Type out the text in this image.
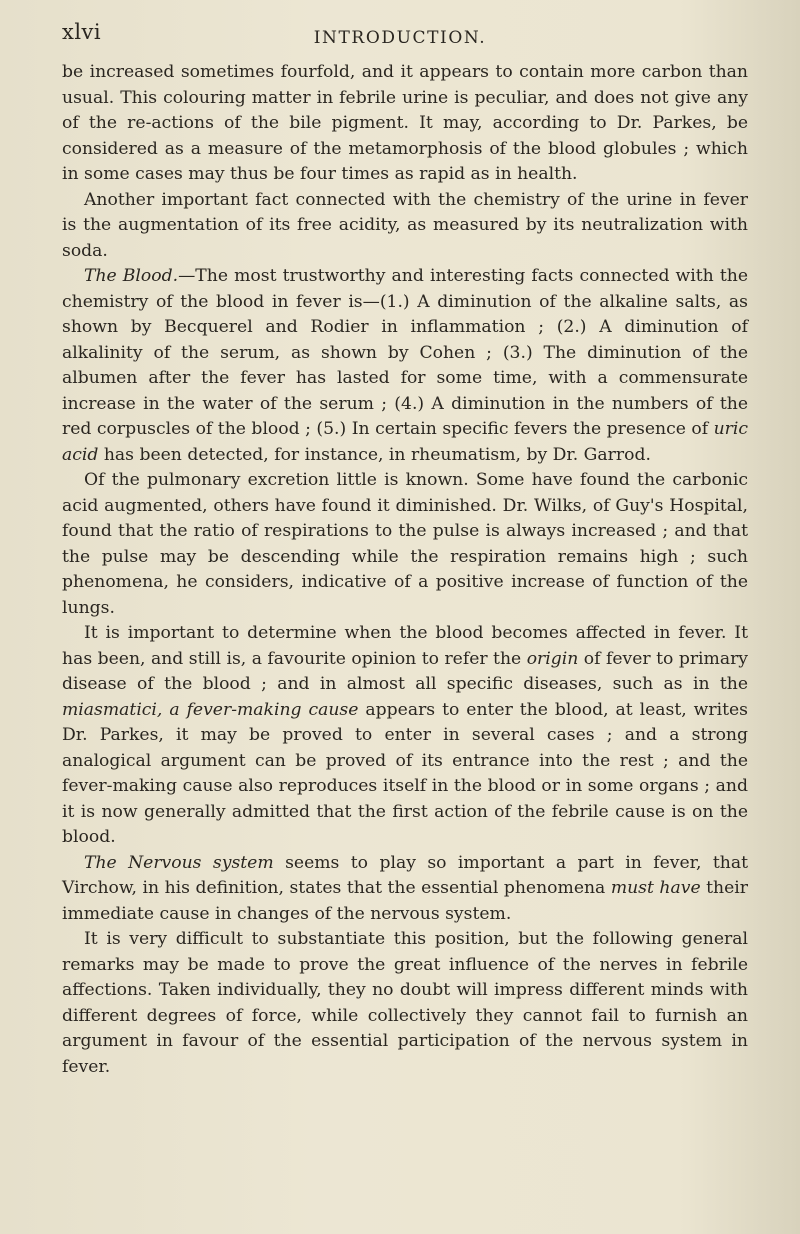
xlvi	INTRODUCTION.

be increased sometimes fourfold, and it appears to contain more carbon than usual. This colouring matter in febrile urine is peculiar, and does not give any of the re-actions of the bile pigment. It may, according to Dr. Parkes, be considered as a measure of the metamorphosis of the blood globules ; which in some cases may thus be four times as rapid as in health.

Another important fact connected with the chemistry of the urine in fever is the augmentation of its free acidity, as measured by its neutralization with soda.

The Blood.—The most trustworthy and interesting facts connected with the chemistry of the blood in fever is—(1.) A diminution of the alkaline salts, as shown by Becquerel and Rodier in inflammation ; (2.) A diminution of alkalinity of the serum, as shown by Cohen ; (3.) The diminution of the albumen after the fever has lasted for some time, with a commensurate increase in the water of the serum ; (4.) A diminution in the numbers of the red corpuscles of the blood ; (5.) In certain specific fevers the presence of uric acid has been detected, for instance, in rheumatism, by Dr. Garrod.

Of the pulmonary excretion little is known. Some have found the carbonic acid augmented, others have found it diminished. Dr. Wilks, of Guy's Hospital, found that the ratio of respirations to the pulse is always increased ; and that the pulse may be descending while the respiration remains high ; such phenomena, he considers, indicative of a positive increase of function of the lungs.

It is important to determine when the blood becomes affected in fever. It has been, and still is, a favourite opinion to refer the origin of fever to primary disease of the blood ; and in almost all specific diseases, such as in the miasmatici, a fever-making cause appears to enter the blood, at least, writes Dr. Parkes, it may be proved to enter in several cases ; and a strong analogical argument can be proved of its entrance into the rest ; and the fever-making cause also reproduces itself in the blood or in some organs ; and it is now generally admitted that the first action of the febrile cause is on the blood.

The Nervous system seems to play so important a part in fever, that Virchow, in his definition, states that the essential phenomena must have their immediate cause in changes of the nervous system.

It is very difficult to substantiate this position, but the following general remarks may be made to prove the great influence of the nerves in febrile affections. Taken individually, they no doubt will impress different minds with different degrees of force, while collectively they cannot fail to furnish an argument in favour of the essential participation of the nervous system in fever.
